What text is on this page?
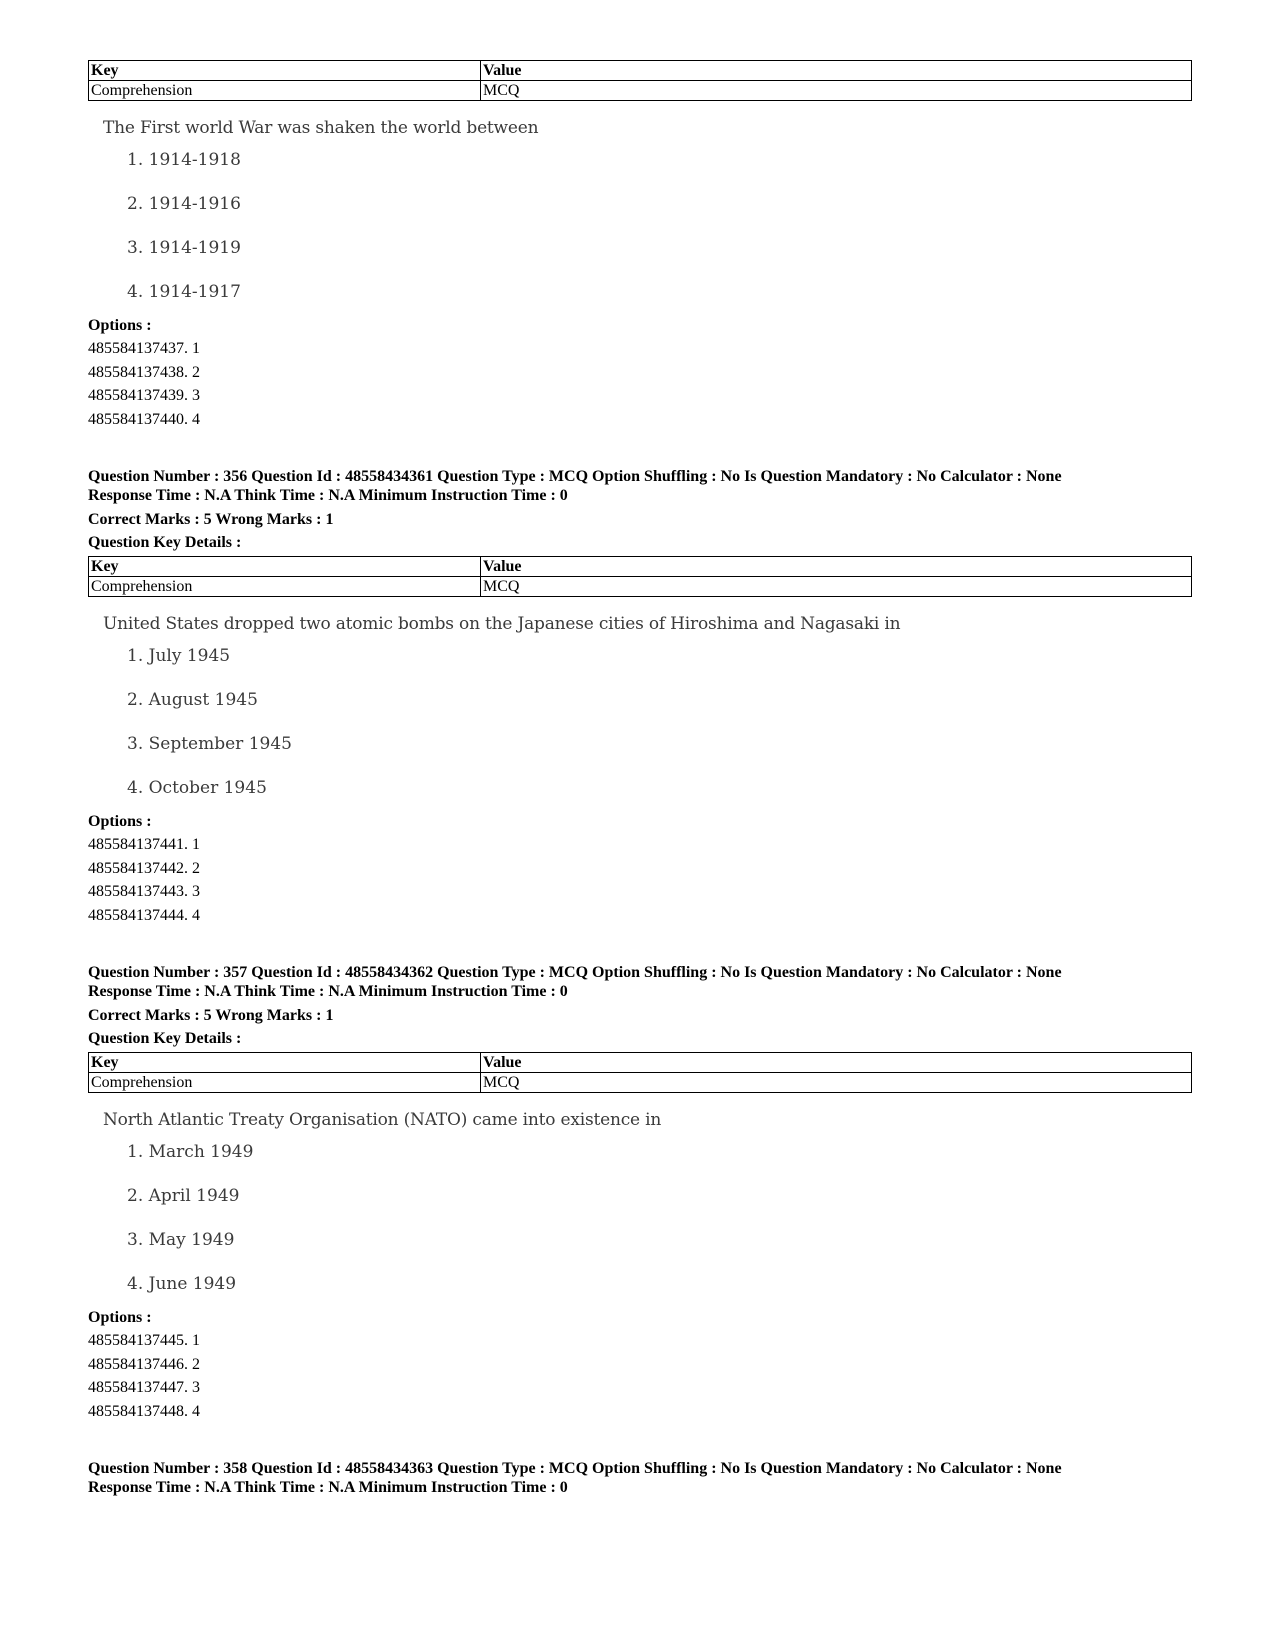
Key	Value
Comprehension	MCQ

The First world War was shaken the world between

1. 1914-1918
2. 1914-1916
3. 1914-1919
4. 1914-1917
Options :
485584137437. 1
485584137438. 2
485584137439. 3
485584137440. 4
Question Number : 356 Question Id : 48558434361 Question Type : MCQ Option Shuffling : No Is Question Mandatory : No Calculator : None
Response Time : N.A Think Time : N.A Minimum Instruction Time : 0
Correct Marks : 5 Wrong Marks : 1
Question Key Details :
Key	Value
Comprehension	MCQ

United States dropped two atomic bombs on the Japanese cities of Hiroshima and Nagasaki in

1. July 1945
2. August 1945
3. September 1945
4. October 1945
Options :
485584137441. 1
485584137442. 2
485584137443. 3
485584137444. 4
Question Number : 357 Question Id : 48558434362 Question Type : MCQ Option Shuffling : No Is Question Mandatory : No Calculator : None
Response Time : N.A Think Time : N.A Minimum Instruction Time : 0
Correct Marks : 5 Wrong Marks : 1
Question Key Details :
Key	Value
Comprehension	MCQ

North Atlantic Treaty Organisation (NATO) came into existence in

1. March 1949
2. April 1949
3. May 1949
4. June 1949
Options :
485584137445. 1
485584137446. 2
485584137447. 3
485584137448. 4
Question Number : 358 Question Id : 48558434363 Question Type : MCQ Option Shuffling : No Is Question Mandatory : No Calculator : None
Response Time : N.A Think Time : N.A Minimum Instruction Time : 0
